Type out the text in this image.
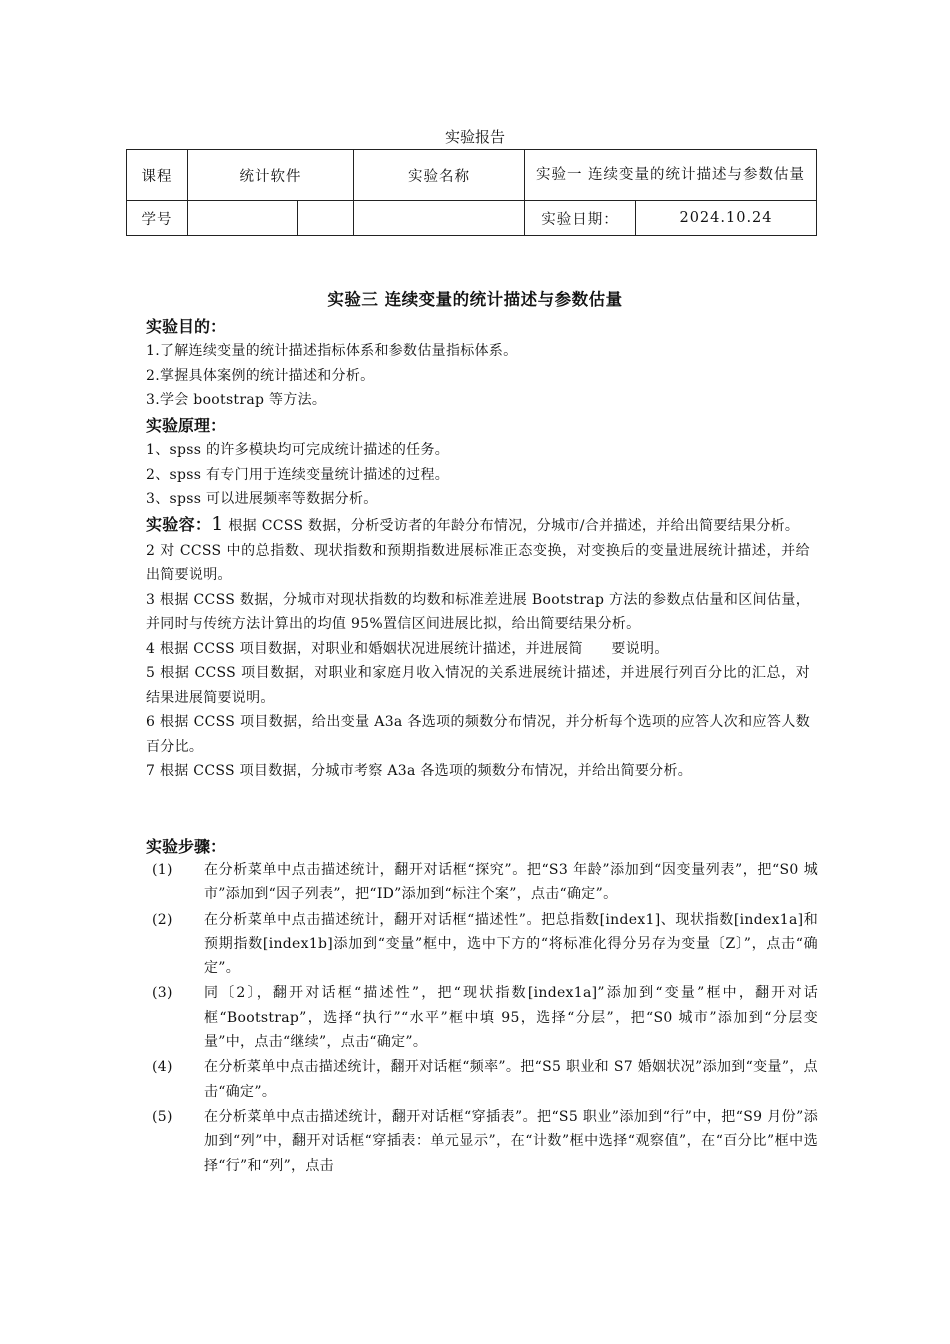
实验报告
课程	统计软件		实验名称	实验一 连续变量的统计描述与参数估量	
学号				实验日期：	2024.10.24
实验三 连续变量的统计描述与参数估量
实验目的：
1.了解连续变量的统计描述指标体系和参数估量指标体系。
2.掌握具体案例的统计描述和分析。
3.学会 bootstrap 等方法。
实验原理：
1、spss 的许多模块均可完成统计描述的任务。
2、spss 有专门用于连续变量统计描述的过程。
3、spss 可以进展频率等数据分析。

实验容：1 根据 CCSS 数据，分析受访者的年龄分布情况，分城市/合并描述，并给出简要结果分析。

2 对 CCSS 中的总指数、现状指数和预期指数进展标准正态变换，对变换后的变量进展统计描述，并给出简要说明。

3 根据 CCSS 数据，分城市对现状指数的均数和标准差进展 Bootstrap 方法的参数点估量和区间估量，并同时与传统方法计算出的均值 95%置信区间进展比拟，给出简要结果分析。

4 根据 CCSS 项目数据，对职业和婚姻状况进展统计描述，并进展简　　要说明。

5 根据 CCSS 项目数据，对职业和家庭月收入情况的关系进展统计描述，并进展行列百分比的汇总，对结果进展简要说明。

6 根据 CCSS 项目数据，给出变量 A3a 各选项的频数分布情况，并分析每个选项的应答人次和应答人数百分比。

7 根据 CCSS 项目数据，分城市考察 A3a 各选项的频数分布情况，并给出简要分析。

实验步骤：
(1) 在分析菜单中点击描述统计，翻开对话框“探究”。把“S3 年龄”添加到“因变量列表”，把“S0 城市”添加到“因子列表”，把“ID”添加到“标注个案”，点击“确定”。
(2) 在分析菜单中点击描述统计，翻开对话框“描述性”。把总指数[index1]、现状指数[index1a]和预期指数[index1b]添加到“变量”框中，选中下方的“将标准化得分另存为变量〔Z〕”，点击“确定”。
(3) 同〔2〕，翻开对话框“描述性”，把“现状指数[index1a]”添加到“变量”框中，翻开对话框“Bootstrap”，选择“执行”“水平”框中填 95，选择“分层”，把“S0 城市”添加到“分层变量”中，点击“继续”，点击“确定”。
(4) 在分析菜单中点击描述统计，翻开对话框“频率”。把“S5 职业和 S7 婚姻状况”添加到“变量”，点击“确定”。
(5) 在分析菜单中点击描述统计，翻开对话框“穿插表”。把“S5 职业”添加到“行”中，把“S9 月份”添加到“列”中，翻开对话框“穿插表：单元显示”，在“计数”框中选择“观察值”，在“百分比”框中选择“行”和“列”，点击
